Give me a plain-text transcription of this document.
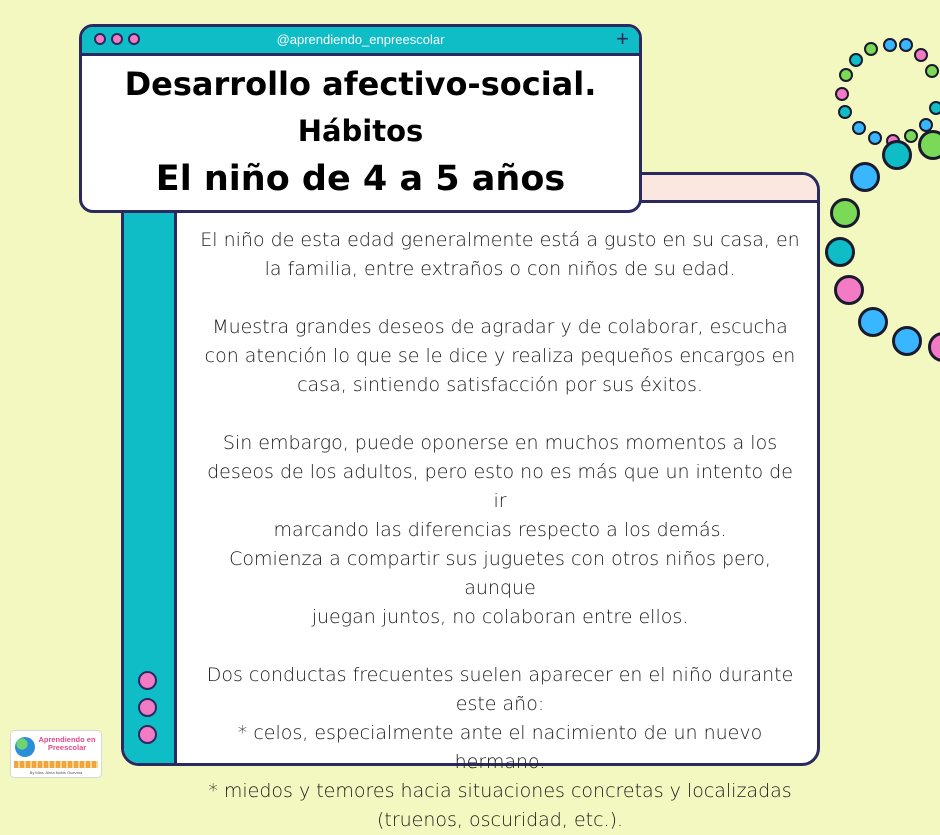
El niño de esta edad generalmente está a gusto en su casa, en
la familia, entre extraños o con niños de su edad.

Muestra grandes deseos de agradar y de colaborar, escucha
con atención lo que se le dice y realiza pequeños encargos en
casa, sintiendo satisfacción por sus éxitos.

Sin embargo, puede oponerse en muchos momentos a los
deseos de los adultos, pero esto no es más que un intento de ir
marcando las diferencias respecto a los demás.
Comienza a compartir sus juguetes con otros niños pero, aunque
juegan juntos, no colaboran entre ellos.

Dos conductas frecuentes suelen aparecer en el niño durante
este año:
* celos, especialmente ante el nacimiento de un nuevo hermano.
* miedos y temores hacia situaciones concretas y localizadas
(truenos, oscuridad, etc.).

@aprendiendo_enpreescolar	+
Desarrollo afectivo-social.
Hábitos
El niño de 4 a 5 años
Aprendiendo en Preescolar
By Mtra. Alma Nahis Guevara
